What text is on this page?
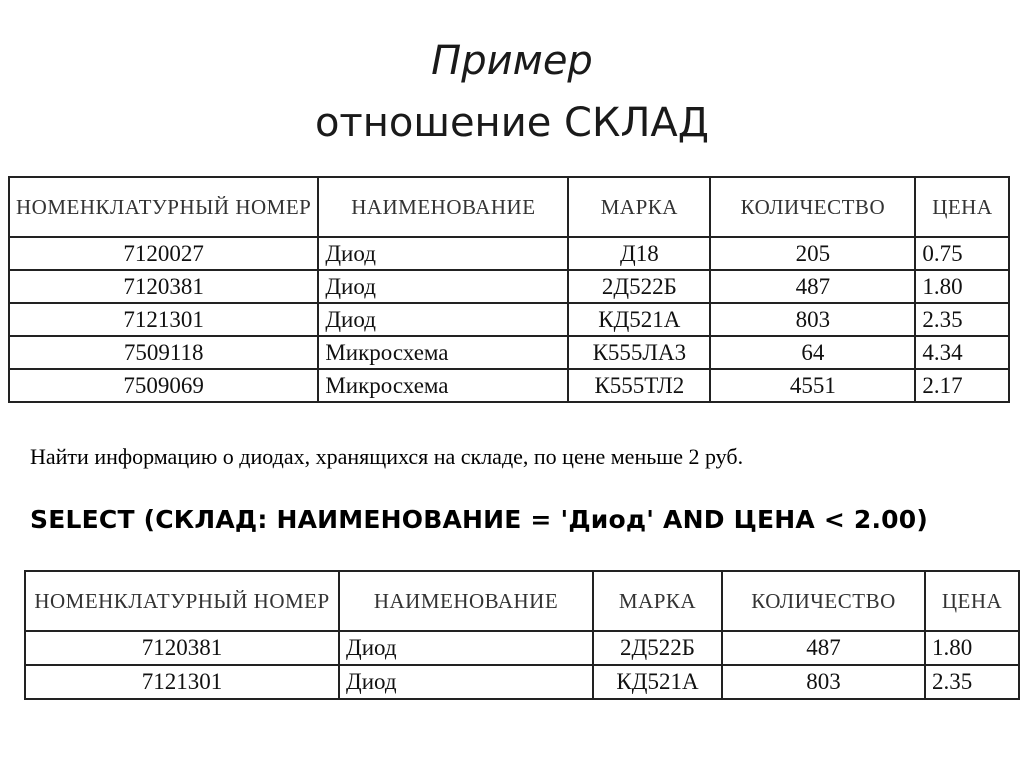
Пример
отношение СКЛАД
НОМЕНКЛАТУРНЫЙ НОМЕР	НАИМЕНОВАНИЕ	МАРКА	КОЛИЧЕСТВО	ЦЕНА
7120027	Диод	Д18	205	0.75
7120381	Диод	2Д522Б	487	1.80
7121301	Диод	КД521А	803	2.35
7509118	Микросхема	К555ЛА3	64	4.34
7509069	Микросхема	К555ТЛ2	4551	2.17
Найти информацию о диодах, хранящихся на складе, по цене меньше 2 руб.
SELECT (СКЛАД: НАИМЕНОВАНИЕ = 'Диод' AND ЦЕНА < 2.00)
НОМЕНКЛАТУРНЫЙ НОМЕР	НАИМЕНОВАНИЕ	МАРКА	КОЛИЧЕСТВО	ЦЕНА
7120381	Диод	2Д522Б	487	1.80
7121301	Диод	КД521А	803	2.35
